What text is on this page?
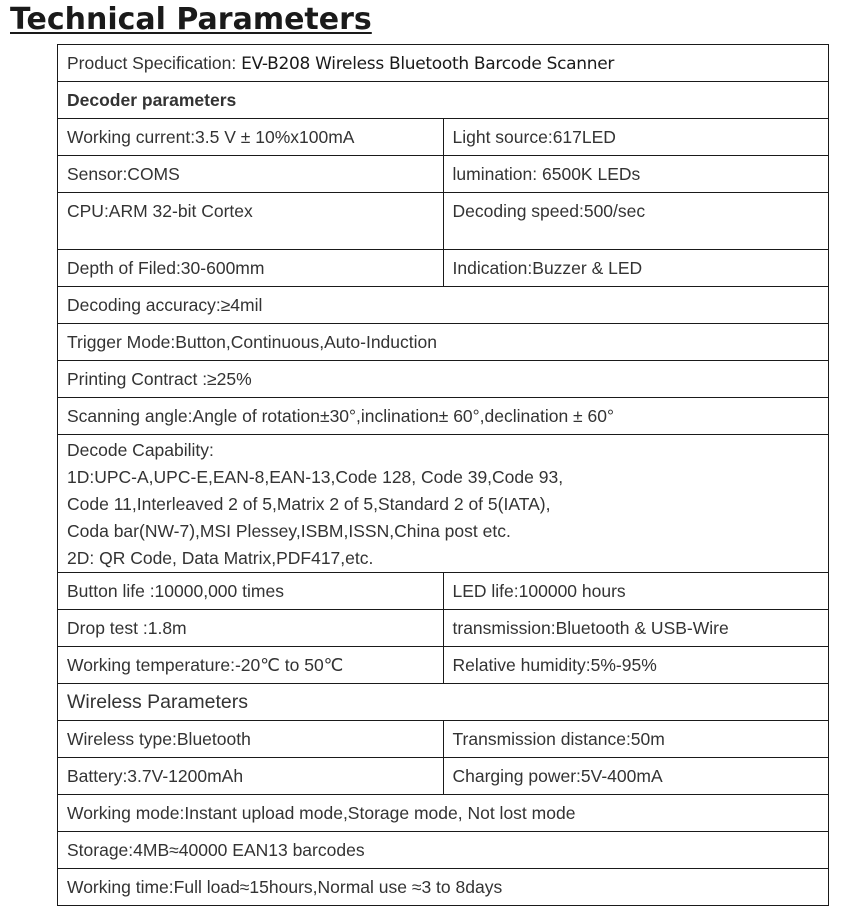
Technical Parameters
Product Specification: EV-B208 Wireless Bluetooth Barcode Scanner	
Decoder parameters	
Working current:3.5 V ± 10%x100mA	Light source:617LED
Sensor:COMS	lumination: 6500K LEDs
CPU:ARM 32-bit Cortex	Decoding speed:500/sec
Depth of Filed:30-600mm	Indication:Buzzer & LED
Decoding accuracy:≥4mil	
Trigger Mode:Button,Continuous,Auto-Induction	
Printing Contract :≥25%	
Scanning angle:Angle of rotation±30°,inclination± 60°,declination ± 60°	

Decode Capability:
1D:UPC-A,UPC-E,EAN-8,EAN-13,Code 128, Code 39,Code 93,
Code 11,Interleaved 2 of 5,Matrix 2 of 5,Standard 2 of 5(IATA),
Coda bar(NW-7),MSI Plessey,ISBM,ISSN,China post etc.
2D: QR Code, Data Matrix,PDF417,etc.	

Button life :10000,000 times	LED life:100000 hours
Drop test :1.8m	transmission:Bluetooth & USB-Wire
Working temperature:-20℃ to 50℃	Relative humidity:5%-95%
Wireless Parameters	
Wireless type:Bluetooth	Transmission distance:50m
Battery:3.7V-1200mAh	Charging power:5V-400mA
Working mode:Instant upload mode,Storage mode, Not lost mode	
Storage:4MB≈40000 EAN13 barcodes	
Working time:Full load≈15hours,Normal use ≈3 to 8days	
